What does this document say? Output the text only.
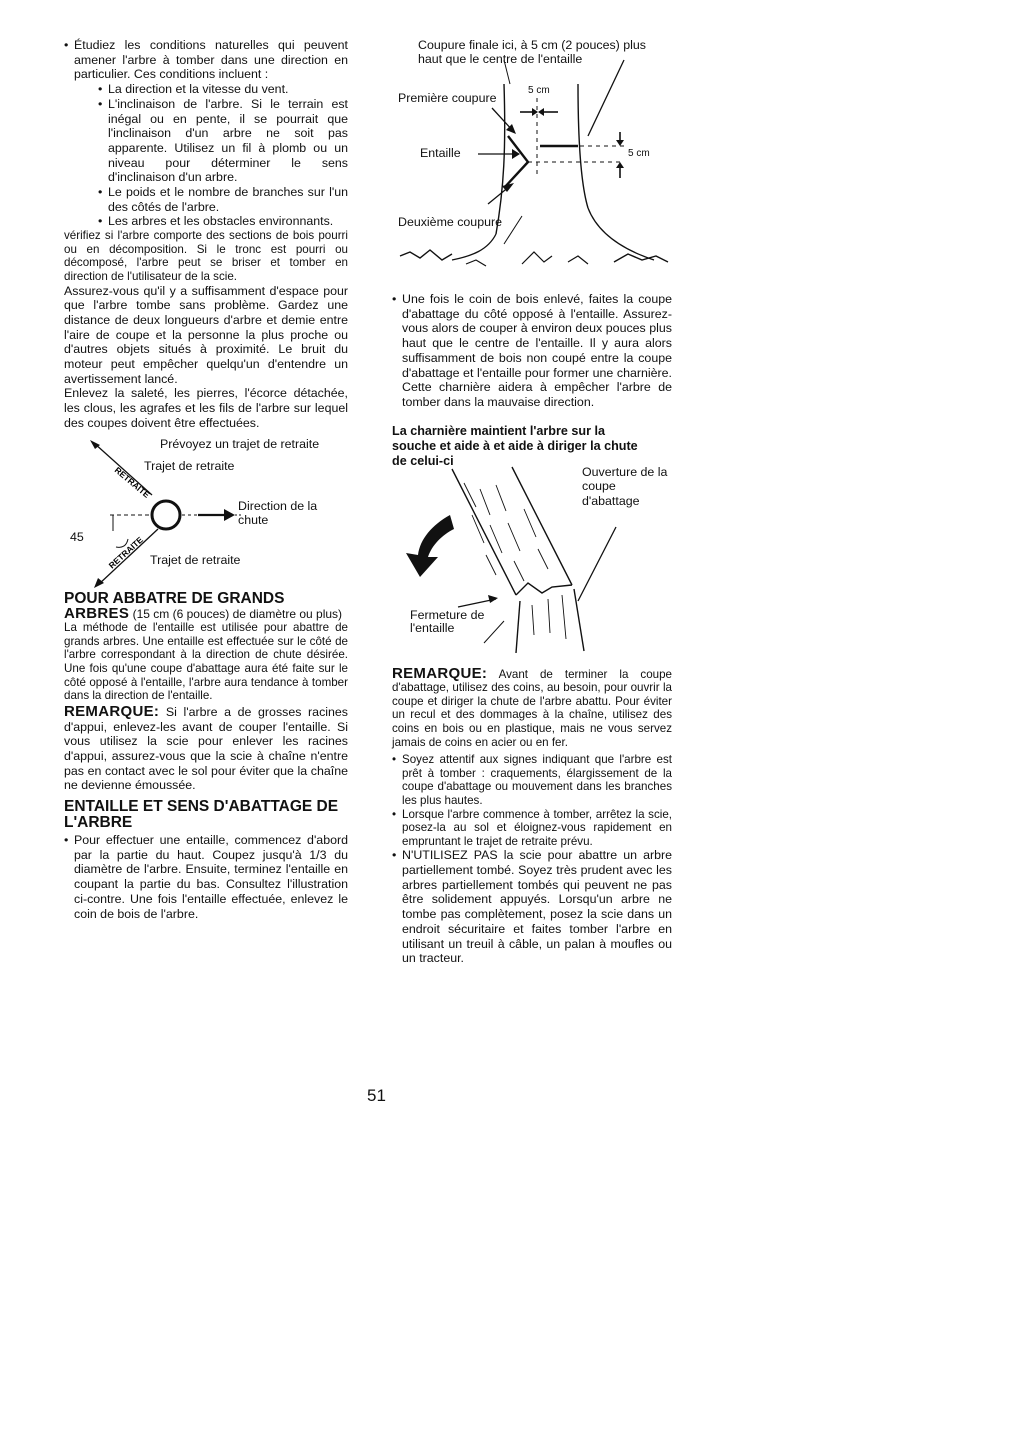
• Étudiez les conditions naturelles qui peuvent amener l'arbre à tomber dans une direction en particulier. Ces conditions incluent :
• La direction et la vitesse du vent.
• L'inclinaison de l'arbre. Si le terrain est inégal ou en pente, il se pourrait que l'inclinaison d'un arbre ne soit pas apparente. Utilisez un fil à plomb ou un niveau pour déterminer le sens d'inclinaison d'un arbre.
• Le poids et le nombre de branches sur l'un des côtés de l'arbre.
• Les arbres et les obstacles environnants.

vérifiez si l'arbre comporte des sections de bois pourri ou en décomposition. Si le tronc est pourri ou décomposé, l'arbre peut se briser et tomber en direction de l'utilisateur de la scie.

Assurez-vous qu'il y a suffisamment d'espace pour que l'arbre tombe sans problème. Gardez une distance de deux longueurs d'arbre et demie entre l'aire de coupe et la personne la plus proche ou d'autres objets situés à proximité. Le bruit du moteur peut empêcher quelqu'un d'entendre un avertissement lancé.

Enlevez la saleté, les pierres, l'écorce détachée, les clous, les agrafes et les fils de l'arbre sur lequel des coupes doivent être effectuées.

RETRAITE
RETRAITE
Prévoyez un trajet de retraite
Trajet de retraite
Direction de la chute
45
Trajet de retraite
POUR ABBATRE DE GRANDS

ARBRES (15 cm (6 pouces) de diamètre ou plus)

La méthode de l'entaille est utilisée pour abattre de grands arbres. Une entaille est effectuée sur le côté de l'arbre correspondant à la direction de chute désirée. Une fois qu'une coupe d'abattage aura été faite sur le côté opposé à l'entaille, l'arbre aura tendance à tomber dans la direction de l'entaille.

REMARQUE: Si l'arbre a de grosses racines d'appui, enlevez-les avant de couper l'entaille. Si vous utilisez la scie pour enlever les racines d'appui, assurez-vous que la scie à chaîne n'entre pas en contact avec le sol pour éviter que la chaîne ne devienne émoussée.

ENTAILLE ET SENS D'ABATTAGE DE L'ARBRE
• Pour effectuer une entaille, commencez d'abord par la partie du haut. Coupez jusqu'à 1/3 du diamètre de l'arbre. Ensuite, terminez l'entaille en coupant la partie du bas. Consultez l'illustration ci-contre. Une fois l'entaille effectuée, enlevez le coin de bois de l'arbre.
Coupure finale ici, à 5 cm (2 pouces) plus haut que le centre de l'entaille
Première coupure
5 cm
Entaille	5 cm
Deuxième coupure
• Une fois le coin de bois enlevé, faites la coupe d'abattage du côté opposé à l'entaille. Assurez-vous alors de couper à environ deux pouces plus haut que le centre de l'entaille. Il y aura alors suffisamment de bois non coupé entre la coupe d'abattage et l'entaille pour former une charnière. Cette charnière aidera à empêcher l'arbre de tomber dans la mauvaise direction.

La charnière maintient l'arbre sur la souche et aide à et aide à diriger la chute de celui-ci

Ouverture de la coupe d'abattage
Fermeture de l'entaille

REMARQUE: Avant de terminer la coupe d'abattage, utilisez des coins, au besoin, pour ouvrir la coupe et diriger la chute de l'arbre abattu. Pour éviter un recul et des dommages à la chaîne, utilisez des coins en bois ou en plastique, mais ne vous servez jamais de coins en acier ou en fer.

• Soyez attentif aux signes indiquant que l'arbre est prêt à tomber : craquements, élargissement de la coupe d'abattage ou mouvement dans les branches les plus hautes.
• Lorsque l'arbre commence à tomber, arrêtez la scie, posez-la au sol et éloignez-vous rapidement en empruntant le trajet de retraite prévu.
• N'UTILISEZ PAS la scie pour abattre un arbre partiellement tombé. Soyez très prudent avec les arbres partiellement tombés qui peuvent ne pas être solidement appuyés. Lorsqu'un arbre ne tombe pas complètement, posez la scie dans un endroit sécuritaire et faites tomber l'arbre en utilisant un treuil à câble, un palan à moufles ou un tracteur.
51
